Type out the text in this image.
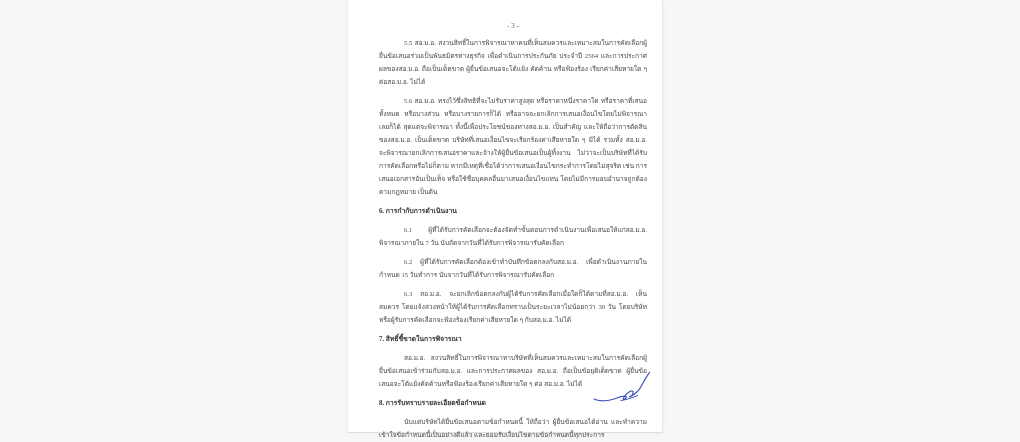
- 3 -

5.5 สอ.ม.อ. สงวนสิทธิ์ในการพิจารณาหาคนที่เห็นสมควรและเหมาะสมในการคัดเลือกผู้ยื่นข้อเสนอร่วมเป็นพันธมิตรทางธุรกิจ เพื่อดำเนินการประกันภัย ประจำปี 2564 และการประกาศผลของสอ.ม.อ. ถือเป็นเด็ดขาด ผู้ยื่นข้อเสนอจะโต้แย้ง คัดค้าน หรือฟ้องร้อง เรียกค่าเสียหายใด ๆ ต่อสอ.ม.อ. ไม่ได้

5.6 สอ.ม.อ. ทรงไว้ซึ่งสิทธิที่จะไม่รับราคาสูงสุด หรือราคาหนึ่งราคาใด หรือราคาที่เสนอทั้งหมด หรือบางส่วน หรือบางรายการก็ได้ หรืออาจจะยกเลิกการเสนอเงื่อนไขโดยไม่พิจารณาเลยก็ได้ สุดแต่จะพิจารณา ทั้งนี้เพื่อประโยชน์ของทางสอ.ม.อ. เป็นสำคัญ และให้ถือว่าการตัดสินของสอ.ม.อ. เป็นเด็ดขาด บริษัทที่เสนอเงื่อนไขจะเรียกร้องค่าเสียหายใด ๆ มิได้ รวมทั้ง สอ.ม.อ. จะพิจารณายกเลิกการเสนอราคาและจ้างให้ผู้ยื่นข้อเสนอเป็นผู้ทิ้งงาน ไม่ว่าจะเป็นบริษัทที่ได้รับการคัดเลือกหรือไม่ก็ตาม หากมีเหตุที่เชื่อได้ว่าการเสนอเงื่อนไขกระทำการโดยไม่สุจริต เช่น การเสนอเอกสารอันเป็นเท็จ หรือใช้ชื่อบุคคลอื่นมาเสนอเงื่อนไขแทน โดยไม่มีการมอบอำนาจถูกต้องตามกฎหมาย เป็นต้น

6. การกำกับการดำเนินงาน

6.1 ผู้ที่ได้รับการคัดเลือกจะต้องจัดทำขั้นตอนการดำเนินงานเพื่อเสนอให้แก่สอ.ม.อ. พิจารณาภายใน 7 วัน นับถัดจากวันที่ได้รับการพิจารณารับคัดเลือก

6.2 ผู้ที่ได้รับการคัดเลือกต้องเข้าทำบันทึกข้อตกลงกับสอ.ม.อ. เพื่อดำเนินงานภายในกำหนด 15 วันทำการ นับจากวันที่ได้รับการพิจารณารับคัดเลือก

6.3 สอ.ม.อ. จะยกเลิกข้อตกลงกับผู้ได้รับการคัดเลือกเมื่อใดก็ได้ตามที่สอ.ม.อ. เห็นสมควร โดยแจ้งล่วงหน้าให้ผู้ได้รับการคัดเลือกทราบเป็นระยะเวลาไม่น้อยกว่า 30 วัน โดยบริษัทหรือผู้รับการคัดเลือกจะฟ้องร้องเรียกค่าเสียหายใด ๆ กับสอ.ม.อ. ไม่ได้

7. สิทธิ์ชี้ขาดในการพิจารณา

สอ.ม.อ. สงวนสิทธิ์ในการพิจารณาหาบริษัทที่เห็นสมควรและเหมาะสมในการคัดเลือกผู้ยื่นข้อเสนอเข้าร่วมกับสอ.ม.อ. และการประกาศผลของ สอ.ม.อ. ถือเป็นข้อยุติเด็ดขาด ผู้ยื่นข้อเสนอจะโต้แย้งคัดค้านหรือฟ้องร้องเรียกค่าเสียหายใด ๆ ต่อ สอ.ม.อ. ไม่ได้

8. การรับทราบรายละเอียดข้อกำหนด

นับแต่บริษัทได้ยื่นข้อเสนอตามข้อกำหนดนี้ ให้ถือว่า ผู้ยื่นข้อเสนอได้อ่าน และทำความเข้าใจข้อกำหนดนี้เป็นอย่างดีแล้ว และยอมรับเงื่อนไขตามข้อกำหนดนี้ทุกประการ
